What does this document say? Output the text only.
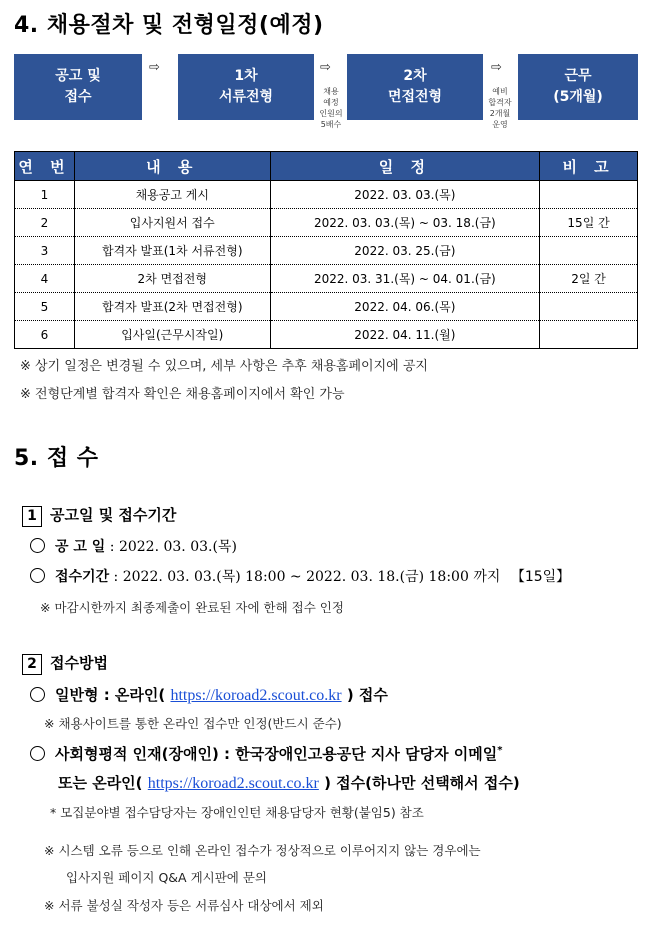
4. 채용절차 및 전형일정(예정)
공고 및
접수
⇨
1차
서류전형
⇨
채용
예정
인원의
5배수
2차
면접전형
⇨
예비
합격자
2개월
운영
근무
(5개월)
연 번	내 용	일 정	비 고
1	채용공고 게시	2022. 03. 03.(목)	
2	입사지원서 접수	2022. 03. 03.(목) ~ 03. 18.(금)	15일 간
3	합격자 발표(1차 서류전형)	2022. 03. 25.(금)	
4	2차 면접전형	2022. 03. 31.(목) ~ 04. 01.(금)	2일 간
5	합격자 발표(2차 면접전형)	2022. 04. 06.(목)	
6	입사일(근무시작일)	2022. 04. 11.(월)	
※ 상기 일정은 변경될 수 있으며, 세부 사항은 추후 채용홈페이지에 공지
※ 전형단계별 합격자 확인은 채용홈페이지에서 확인 가능
5. 접 수
1 공고일 및 접수기간
공 고 일 : 2022. 03. 03.(목)
접수기간 : 2022. 03. 03.(목) 18:00 ~ 2022. 03. 18.(금) 18:00 까지 【15일】
※ 마감시한까지 최종제출이 완료된 자에 한해 접수 인정
2 접수방법
일반형 : 온라인( https://koroad2.scout.co.kr ) 접수
※ 채용사이트를 통한 온라인 접수만 인정(반드시 준수)
사회형평적 인재(장애인) : 한국장애인고용공단 지사 담당자 이메일*
또는 온라인( https://koroad2.scout.co.kr ) 접수(하나만 선택해서 접수)
* 모집분야별 접수담당자는 장애인인턴 채용담당자 현황(붙임5) 참조
※ 시스템 오류 등으로 인해 온라인 접수가 정상적으로 이루어지지 않는 경우에는
입사지원 페이지 Q&A 게시판에 문의
※ 서류 불성실 작성자 등은 서류심사 대상에서 제외
